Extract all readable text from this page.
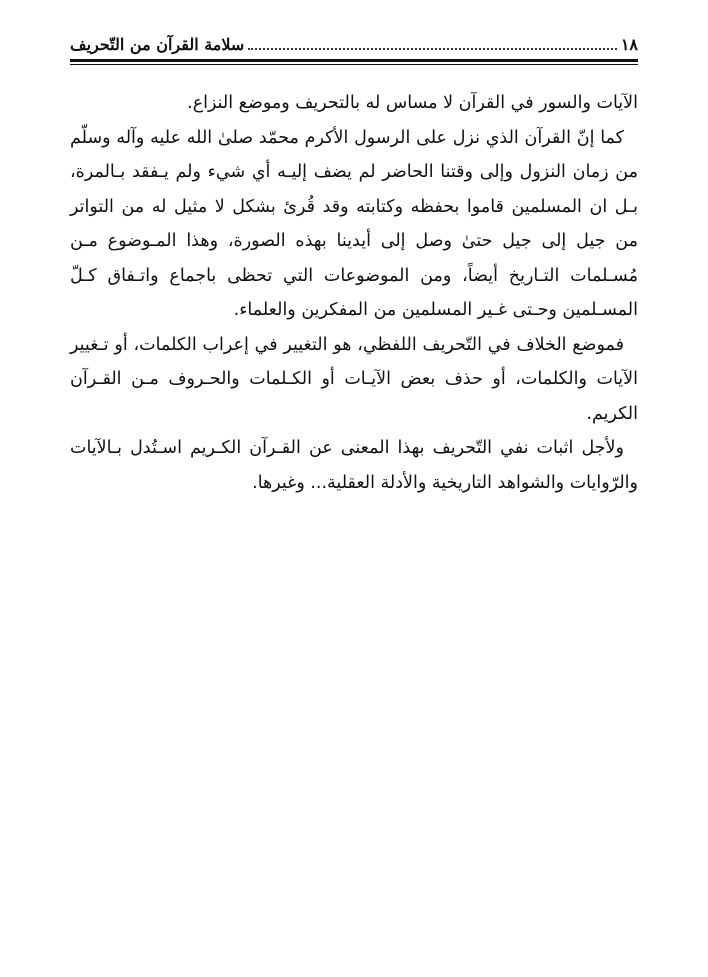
١٨
سلامة القرآن من التّحريف

الآيات والسور في القرآن لا مساس له بالتحريف وموضع النزاع.

كما إنّ القرآن الذي نزل على الرسول الأكرم محمّد صلىٰ الله عليه وآله وسلّم من زمان النزول وإلى وقتنا الحاضر لم يضف إليـه أي شيء ولم يـفقد بـالمرة، بـل ان المسلمين قاموا بحفظه وكتابته وقد قُرئ بشكل لا مثيل له من التواتر من جيل إلى جيل حتىٰ وصل إلى أيدينا بهذه الصورة، وهذا المـوضوع مـن مُسـلمات التـاريخ أيضاً، ومن الموضوعات التي تحظى باجماع واتـفاق كـلّ المسـلمين وحـتى غـير المسلمين من المفكرين والعلماء.

فموضع الخلاف في التّحريف اللفظي، هو التغيير في إعراب الكلمات، أو تـغيير الآيات والكلمات، أو حذف بعض الآيـات أو الكـلمات والحـروف مـن القـرآن الكريم.

ولأجل اثبات نفي التّحريف بهذا المعنى عن القـرآن الكـريم اسـتُدل بـالآيات والرّوايات والشواهد التاريخية والأدلة العقلية... وغيرها.
